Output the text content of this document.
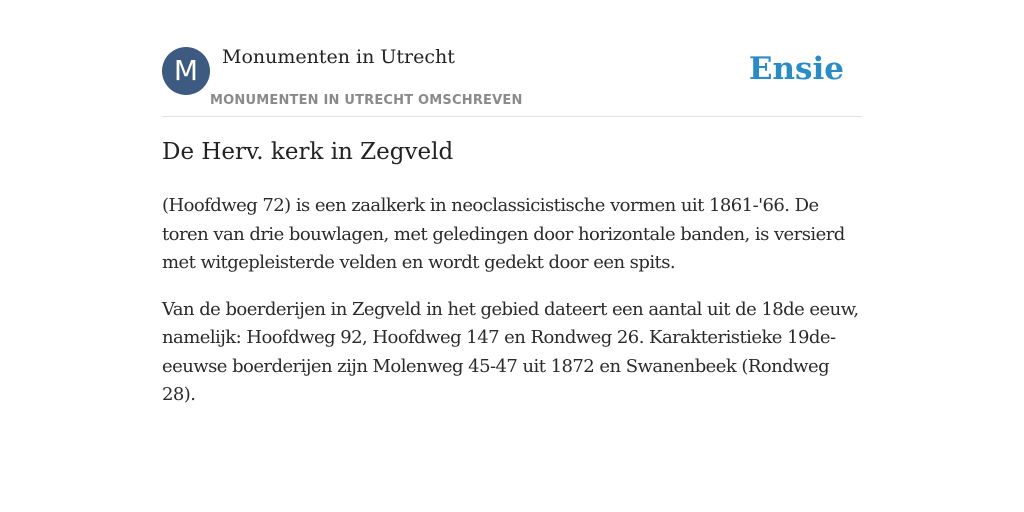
M	Monumenten in Utrecht
MONUMENTEN IN UTRECHT OMSCHREVEN
Ensie
De Herv. kerk in Zegveld

(Hoofdweg 72) is een zaalkerk in neoclassicistische vormen uit 1861-'66. De toren van drie bouwlagen, met geledingen door horizontale banden, is versierd met witgepleisterde velden en wordt gedekt door een spits.

Van de boerderijen in Zegveld in het gebied dateert een aantal uit de 18de eeuw, namelijk: Hoofdweg 92, Hoofdweg 147 en Rondweg 26. Karakteristieke 19de-eeuwse boerderijen zijn Molenweg 45-47 uit 1872 en Swanenbeek (Rondweg 28).
